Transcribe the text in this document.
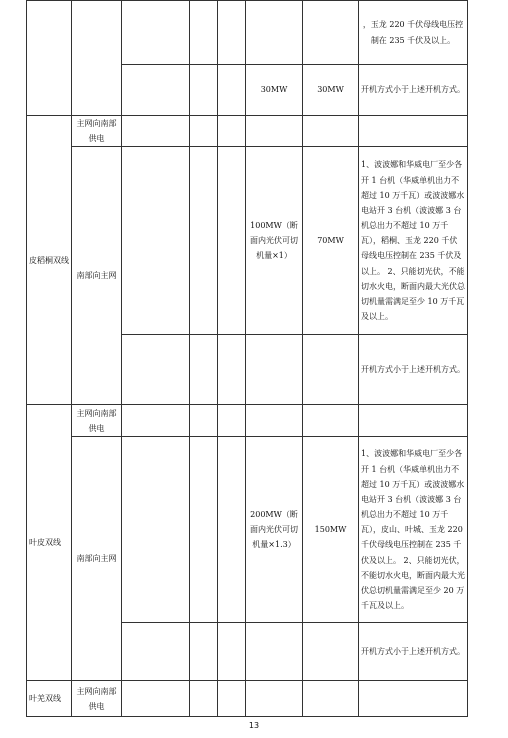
							，玉龙 220 千伏母线电压控制在 235 千伏及以上。
					30MW	30MW	开机方式小于上述开机方式。
皮稻桐双线	主网向南部供电						
	南部向主网				100MW（断面内光伏可切机量×1）	70MW	1、波波娜和华威电厂至少各开 1 台机（华威单机出力不超过 10 万千瓦）或波波娜水电站开 3 台机（波波娜 3 台机总出力不超过 10 万千瓦），稻桐、玉龙 220 千伏母线电压控制在 235 千伏及以上。 2、只能切光伏，不能切水火电，断面内最大光伏总切机量需满足至少 10 万千瓦及以上。
							开机方式小于上述开机方式。
叶皮双线	主网向南部供电						
	南部向主网				200MW（断面内光伏可切机量×1.3）	150MW	1、波波娜和华威电厂至少各开 1 台机（华威单机出力不超过 10 万千瓦）或波波娜水电站开 3 台机（波波娜 3 台机总出力不超过 10 万千瓦），皮山、叶城、玉龙 220 千伏母线电压控制在 235 千伏及以上。 2、只能切光伏，不能切水火电，断面内最大光伏总切机量需满足至少 20 万千瓦及以上。
							开机方式小于上述开机方式。
叶羌双线	主网向南部供电						
13
